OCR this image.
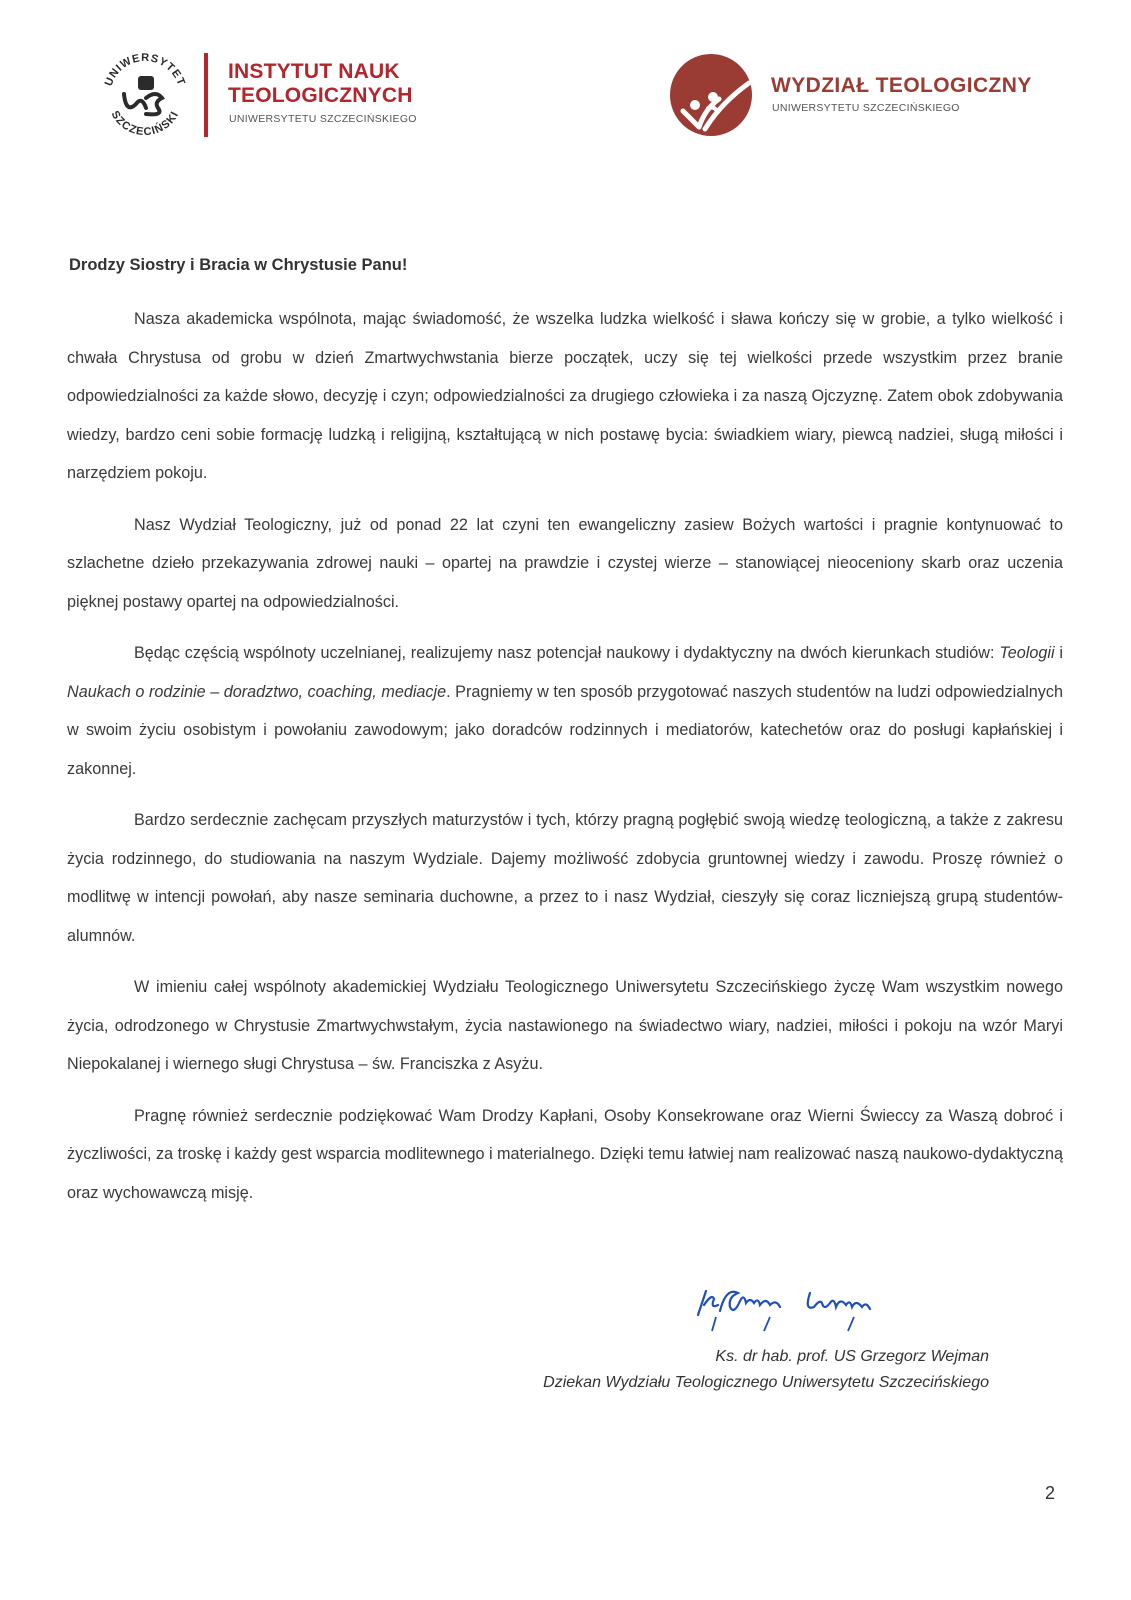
UNIWERSYTET
SZCZECIŃSKI
INSTYTUT NAUK
TEOLOGICZNYCH
UNIWERSYTETU SZCZECIŃSKIEGO
WYDZIAŁ TEOLOGICZNY
UNIWERSYTETU SZCZECIŃSKIEGO
Drodzy Siostry i Bracia w Chrystusie Panu!

Nasza akademicka wspólnota, mając świadomość, że wszelka ludzka wielkość i sława kończy się w grobie, a tylko wielkość i chwała Chrystusa od grobu w dzień Zmartwychwstania bierze początek, uczy się tej wielkości przede wszystkim przez branie odpowiedzialności za każde słowo, decyzję i czyn; odpowiedzialności za drugiego człowieka i za naszą Ojczyznę. Zatem obok zdobywania wiedzy, bardzo ceni sobie formację ludzką i religijną, kształtującą w nich postawę bycia: świadkiem wiary, piewcą nadziei, sługą miłości i narzędziem pokoju.

Nasz Wydział Teologiczny, już od ponad 22 lat czyni ten ewangeliczny zasiew Bożych wartości i pragnie kontynuować to szlachetne dzieło przekazywania zdrowej nauki – opartej na prawdzie i czystej wierze – stanowiącej nieoceniony skarb oraz uczenia pięknej postawy opartej na odpowiedzialności.

Będąc częścią wspólnoty uczelnianej, realizujemy nasz potencjał naukowy i dydaktyczny na dwóch kierunkach studiów: Teologii i Naukach o rodzinie – doradztwo, coaching, mediacje. Pragniemy w ten sposób przygotować naszych studentów na ludzi odpowiedzialnych w swoim życiu osobistym i powołaniu zawodowym; jako doradców rodzinnych i mediatorów, katechetów oraz do posługi kapłańskiej i zakonnej.

Bardzo serdecznie zachęcam przyszłych maturzystów i tych, którzy pragną pogłębić swoją wiedzę teologiczną, a także z zakresu życia rodzinnego, do studiowania na naszym Wydziale. Dajemy możliwość zdobycia gruntownej wiedzy i zawodu. Proszę również o modlitwę w intencji powołań, aby nasze seminaria duchowne, a przez to i nasz Wydział, cieszyły się coraz liczniejszą grupą studentów-alumnów.

W imieniu całej wspólnoty akademickiej Wydziału Teologicznego Uniwersytetu Szczecińskiego życzę Wam wszystkim nowego życia, odrodzonego w Chrystusie Zmartwychwstałym, życia nastawionego na świadectwo wiary, nadziei, miłości i pokoju na wzór Maryi Niepokalanej i wiernego sługi Chrystusa – św. Franciszka z Asyżu.

Pragnę również serdecznie podziękować Wam Drodzy Kapłani, Osoby Konsekrowane oraz Wierni Świeccy za Waszą dobroć i życzliwości, za troskę i każdy gest wsparcia modlitewnego i materialnego. Dzięki temu łatwiej nam realizować naszą naukowo-dydaktyczną oraz wychowawczą misję.

Ks. dr hab. prof. US Grzegorz Wejman
Dziekan Wydziału Teologicznego Uniwersytetu Szczecińskiego
2
